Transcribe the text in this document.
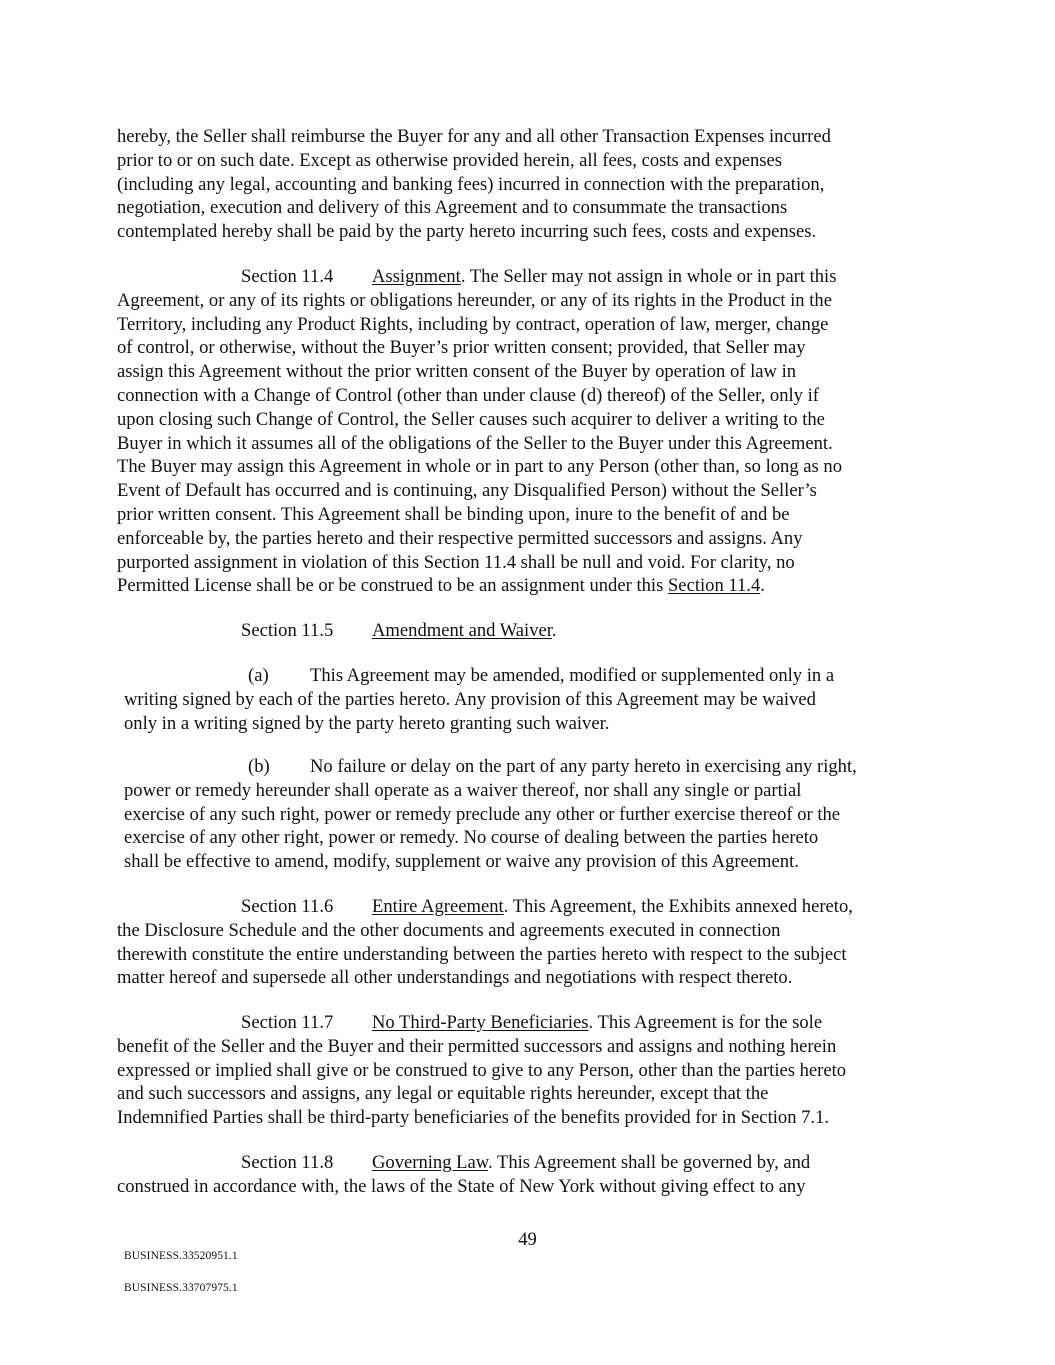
hereby, the Seller shall reimburse the Buyer for any and all other Transaction Expenses incurred
prior to or on such date. Except as otherwise provided herein, all fees, costs and expenses
(including any legal, accounting and banking fees) incurred in connection with the preparation,
negotiation, execution and delivery of this Agreement and to consummate the transactions
contemplated hereby shall be paid by the party hereto incurring such fees, costs and expenses.
Section 11.4 Assignment. The Seller may not assign in whole or in part this
Agreement, or any of its rights or obligations hereunder, or any of its rights in the Product in the
Territory, including any Product Rights, including by contract, operation of law, merger, change
of control, or otherwise, without the Buyer’s prior written consent; provided, that Seller may
assign this Agreement without the prior written consent of the Buyer by operation of law in
connection with a Change of Control (other than under clause (d) thereof) of the Seller, only if
upon closing such Change of Control, the Seller causes such acquirer to deliver a writing to the
Buyer in which it assumes all of the obligations of the Seller to the Buyer under this Agreement.
The Buyer may assign this Agreement in whole or in part to any Person (other than, so long as no
Event of Default has occurred and is continuing, any Disqualified Person) without the Seller’s
prior written consent. This Agreement shall be binding upon, inure to the benefit of and be
enforceable by, the parties hereto and their respective permitted successors and assigns. Any
purported assignment in violation of this Section 11.4 shall be null and void. For clarity, no
Permitted License shall be or be construed to be an assignment under this Section 11.4.
Section 11.5 Amendment and Waiver.
(a) This Agreement may be amended, modified or supplemented only in a
writing signed by each of the parties hereto. Any provision of this Agreement may be waived
only in a writing signed by the party hereto granting such waiver.
(b) No failure or delay on the part of any party hereto in exercising any right,
power or remedy hereunder shall operate as a waiver thereof, nor shall any single or partial
exercise of any such right, power or remedy preclude any other or further exercise thereof or the
exercise of any other right, power or remedy. No course of dealing between the parties hereto
shall be effective to amend, modify, supplement or waive any provision of this Agreement.
Section 11.6 Entire Agreement. This Agreement, the Exhibits annexed hereto,
the Disclosure Schedule and the other documents and agreements executed in connection
therewith constitute the entire understanding between the parties hereto with respect to the subject
matter hereof and supersede all other understandings and negotiations with respect thereto.
Section 11.7 No Third-Party Beneficiaries. This Agreement is for the sole
benefit of the Seller and the Buyer and their permitted successors and assigns and nothing herein
expressed or implied shall give or be construed to give to any Person, other than the parties hereto
and such successors and assigns, any legal or equitable rights hereunder, except that the
Indemnified Parties shall be third-party beneficiaries of the benefits provided for in Section 7.1.
Section 11.8 Governing Law. This Agreement shall be governed by, and
construed in accordance with, the laws of the State of New York without giving effect to any
49
BUSINESS.33520951.1
BUSINESS.33707975.1
